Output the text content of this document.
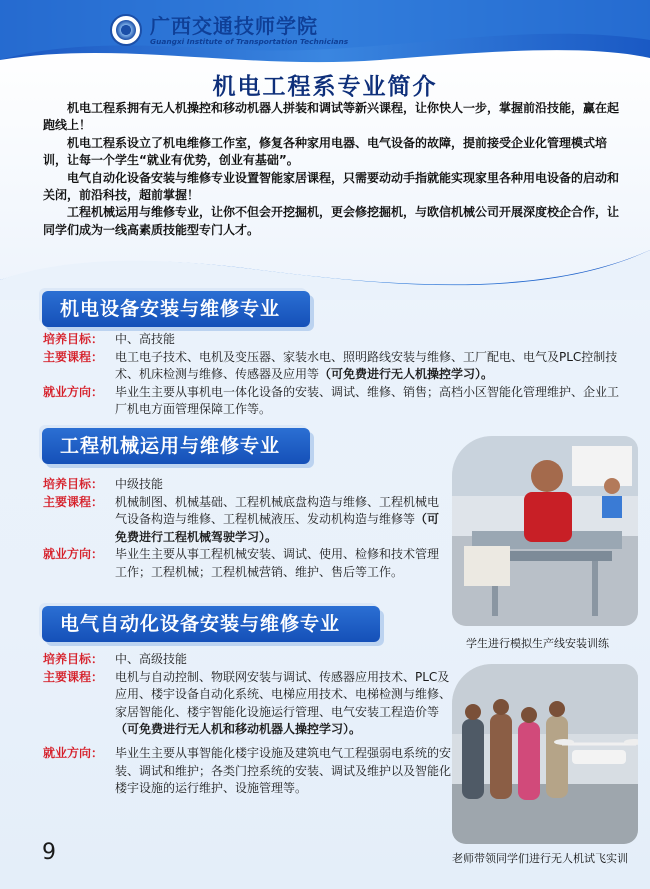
广西交通技师学院
Guangxi Institute of Transportation Technicians
机电工程系专业简介

机电工程系拥有无人机操控和移动机器人拼装和调试等新兴课程，让你快人一步，掌握前沿技能，赢在起跑线上！

机电工程系设立了机电维修工作室，修复各种家用电器、电气设备的故障，提前接受企业化管理模式培训，让每一个学生“就业有优势，创业有基础”。

电气自动化设备安装与维修专业设置智能家居课程，只需要动动手指就能实现家里各种用电设备的启动和关闭，前沿科技，超前掌握！

工程机械运用与维修专业，让你不但会开挖掘机，更会修挖掘机，与欧信机械公司开展深度校企合作，让同学们成为一线高素质技能型专门人才。

机电设备安装与维修专业
培养目标： 中、高技能
主要课程： 电工电子技术、电机及变压器、家装水电、照明路线安装与维修、工厂配电、电气及PLC控制技术、机床检测与维修、传感器及应用等（可免费进行无人机操控学习）。
就业方向： 毕业生主要从事机电一体化设备的安装、调试、维修、销售；高档小区智能化管理维护、企业工厂机电方面管理保障工作等。
工程机械运用与维修专业
培养目标： 中级技能
主要课程： 机械制图、机械基础、工程机械底盘构造与维修、工程机械电气设备构造与维修、工程机械液压、发动机构造与维修等（可免费进行工程机械驾驶学习）。
就业方向： 毕业生主要从事工程机械安装、调试、使用、检修和技术管理工作；工程机械；工程机械营销、维护、售后等工作。
电气自动化设备安装与维修专业
培养目标： 中、高级技能
主要课程： 电机与自动控制、物联网安装与调试、传感器应用技术、PLC及应用、楼宇设备自动化系统、电梯应用技术、电梯检测与维修、家居智能化、楼宇智能化设施运行管理、电气安装工程造价等（可免费进行无人机和移动机器人操控学习）。
就业方向： 毕业生主要从事智能化楼宇设施及建筑电气工程强弱电系统的安装、调试和维护；各类门控系统的安装、调试及维护以及智能化楼宇设施的运行维护、设施管理等。
学生进行模拟生产线安装训练
老师带领同学们进行无人机试飞实训
9
